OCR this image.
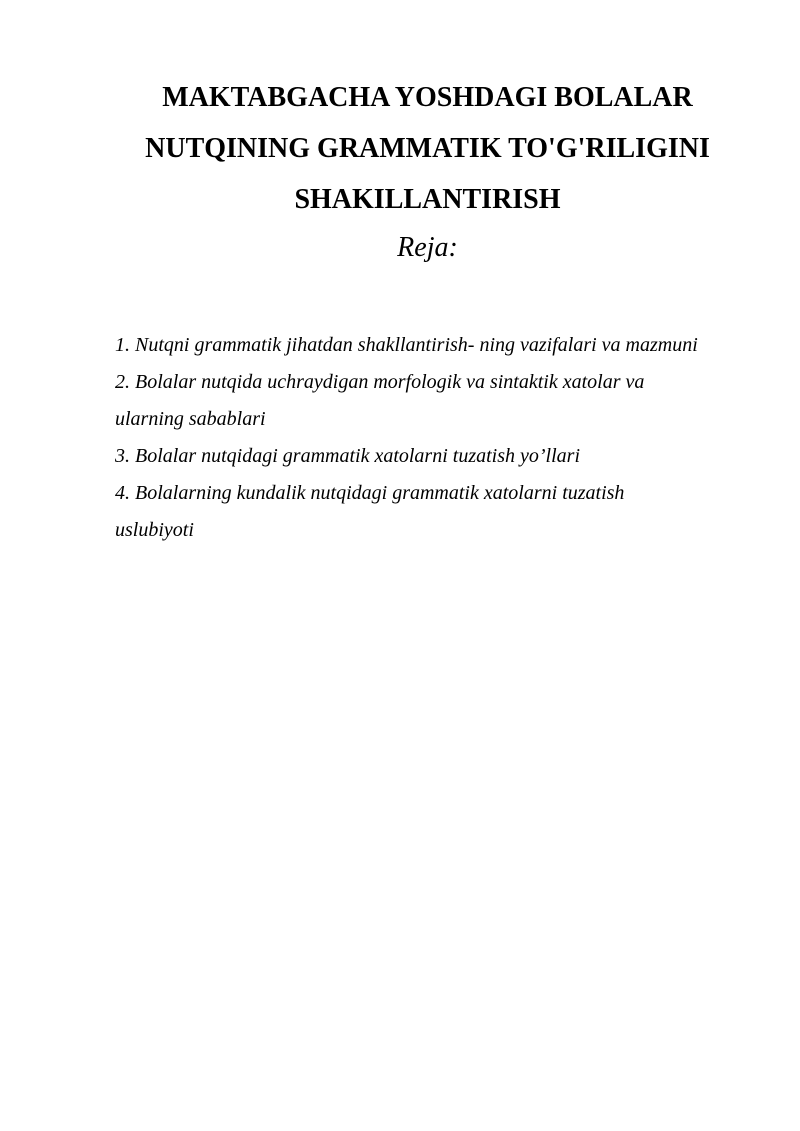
MAKTABGACHA YOSHDAGI BOLALAR

NUTQINING GRAMMATIK TO'G'RILIGINI

SHAKILLANTIRISH

Reja:

1. Nutqni grammatik jihatdan shakllantirish- ning vazifalari va mazmuni
2. Bolalar nutqida uchraydigan morfologik va sintaktik xatolar va
ularning sabablari
3. Bolalar nutqidagi grammatik xatolarni tuzatish yo’llari
4. Bolalarning kundalik nutqidagi grammatik xatolarni tuzatish
uslubiyoti
